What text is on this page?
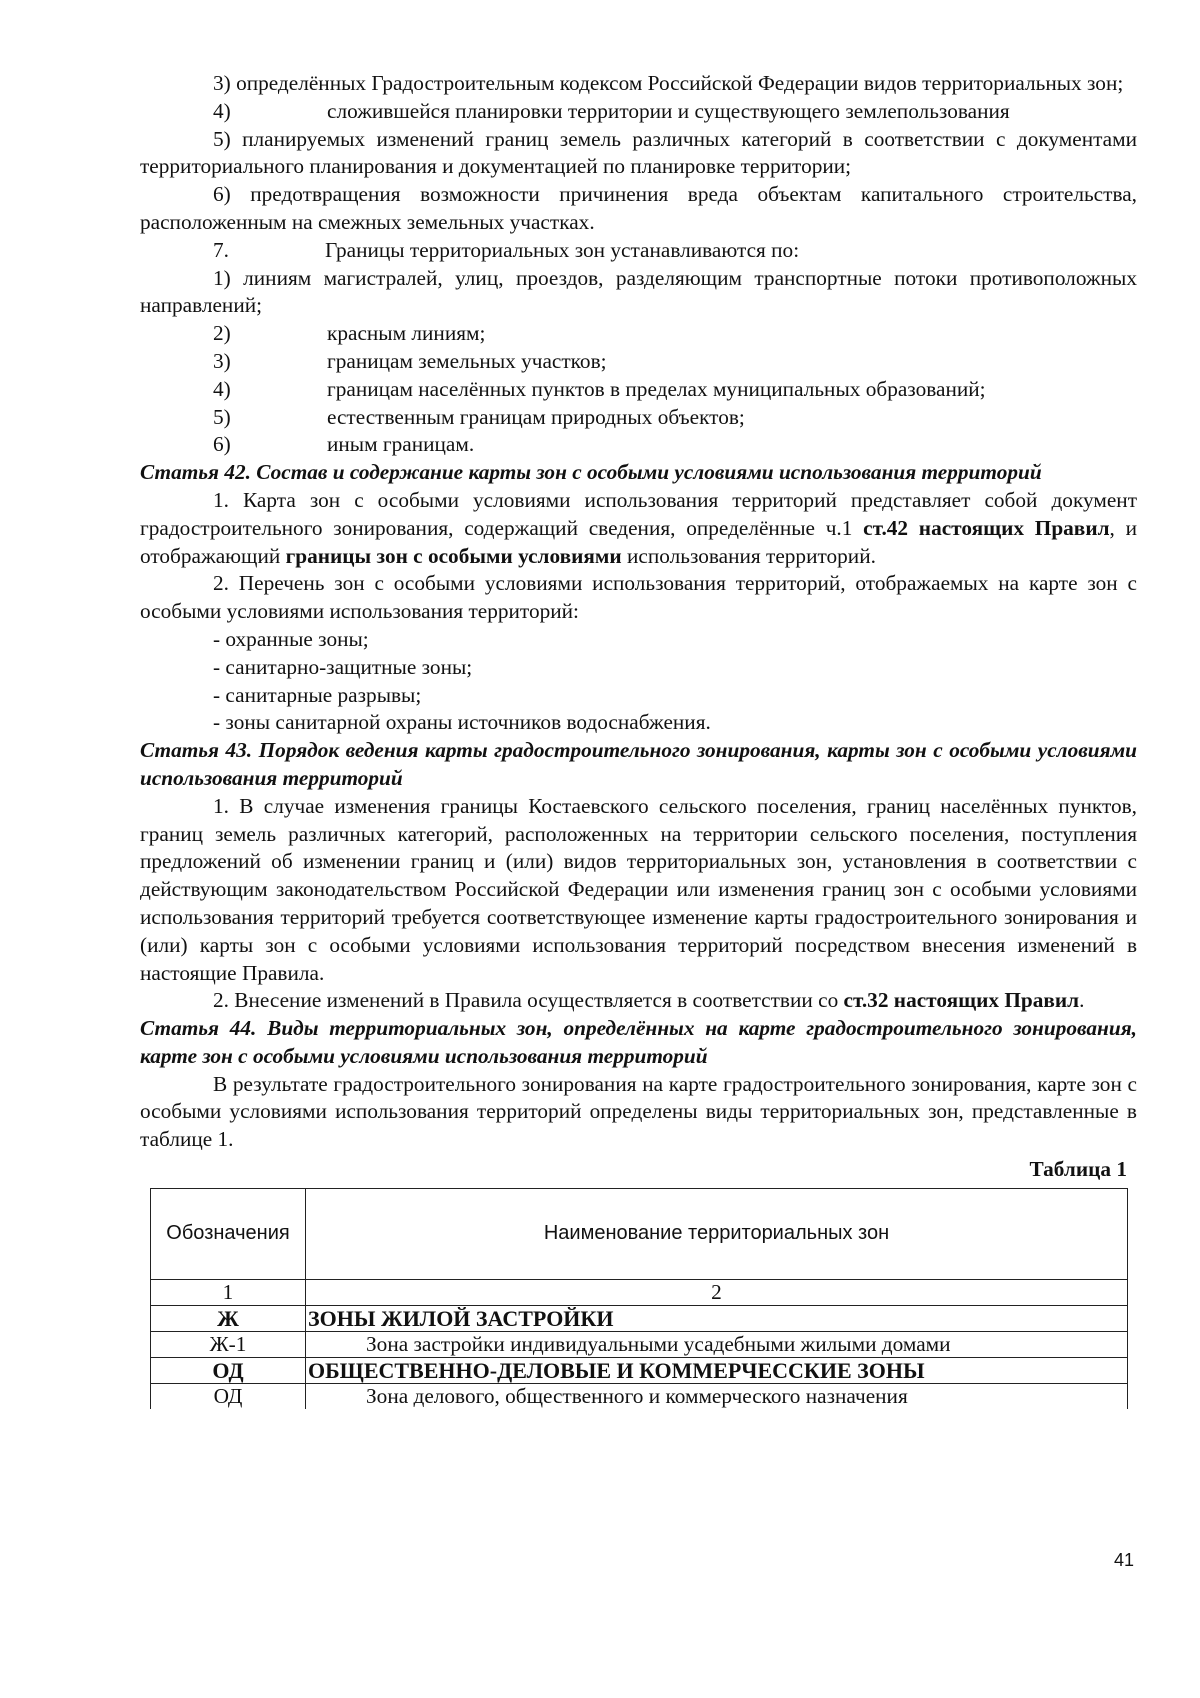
3) определённых Градостроительным кодексом Российской Федерации видов территориальных зон;

4)	сложившейся планировки территории и существующего землепользования

5) планируемых изменений границ земель различных категорий в соответствии с документами территориального планирования и документацией по планировке территории;

6) предотвращения возможности причинения вреда объектам капитального строительства, расположенным на смежных земельных участках.

7.	Границы территориальных зон устанавливаются по:

1) линиям магистралей, улиц, проездов, разделяющим транспортные потоки противоположных направлений;

2)	красным линиям;
3)	границам земельных участков;
4)	границам населённых пунктов в пределах муниципальных образований;
5)	естественным границам природных объектов;
6)	иным границам.

Статья 42. Состав и содержание карты зон с особыми условиями использования территорий

1. Карта зон с особыми условиями использования территорий представляет собой документ градостроительного зонирования, содержащий сведения, определённые ч.1 ст.42 настоящих Правил, и отображающий границы зон с особыми условиями использования территорий.

2. Перечень зон с особыми условиями использования территорий, отображаемых на карте зон с особыми условиями использования территорий:

- охранные зоны;

- санитарно-защитные зоны;

- санитарные разрывы;

- зоны санитарной охраны источников водоснабжения.

Статья 43. Порядок ведения карты градостроительного зонирования, карты зон с особыми условиями использования территорий

1. В случае изменения границы Костаевского сельского поселения, границ населённых пунктов, границ земель различных категорий, расположенных на территории сельского поселения, поступления предложений об изменении границ и (или) видов территориальных зон, установления в соответствии с действующим законодательством Российской Федерации или изменения границ зон с особыми условиями использования территорий требуется соответствующее изменение карты градостроительного зонирования и (или) карты зон с особыми условиями использования территорий посредством внесения изменений в настоящие Правила.

2. Внесение изменений в Правила осуществляется в соответствии со ст.32 настоящих Правил.

Статья 44. Виды территориальных зон, определённых на карте градостроительного зонирования, карте зон с особыми условиями использования территорий

В результате градостроительного зонирования на карте градостроительного зонирования, карте зон с особыми условиями использования территорий определены виды территориальных зон, представленные в таблице 1.

Таблица 1

Обозначения	Наименование территориальных зон
1	2
Ж	ЗОНЫ ЖИЛОЙ ЗАСТРОЙКИ
Ж-1	Зона застройки индивидуальными усадебными жилыми домами
ОД	ОБЩЕСТВЕННО-ДЕЛОВЫЕ И КОММЕРЧЕССКИЕ ЗОНЫ
ОД	Зона делового, общественного и коммерческого назначения
41
